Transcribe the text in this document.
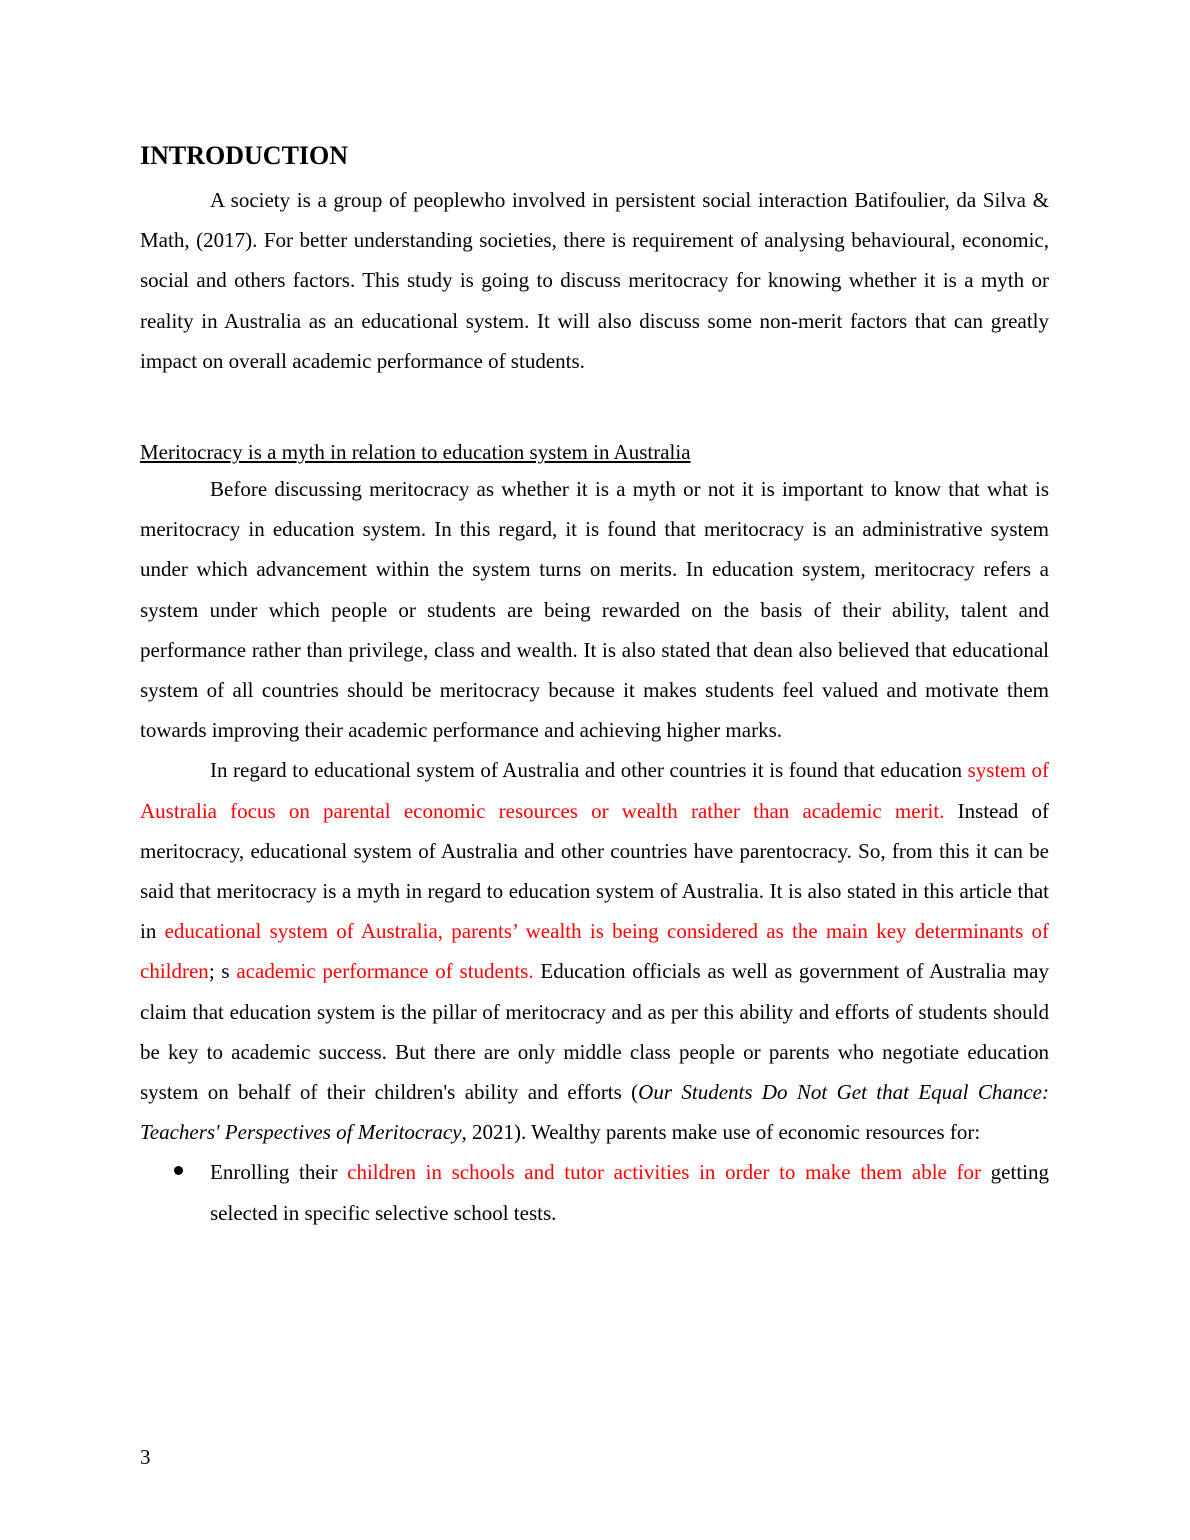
INTRODUCTION

A society is a group of peoplewho involved in persistent social interaction Batifoulier, da Silva & Math, (2017). For better understanding societies, there is requirement of analysing behavioural, economic, social and others factors. This study is going to discuss meritocracy for knowing whether it is a myth or reality in Australia as an educational system. It will also discuss some non-merit factors that can greatly impact on overall academic performance of students.

Meritocracy is a myth in relation to education system in Australia

Before discussing meritocracy as whether it is a myth or not it is important to know that what is meritocracy in education system. In this regard, it is found that meritocracy is an administrative system under which advancement within the system turns on merits. In education system, meritocracy refers a system under which people or students are being rewarded on the basis of their ability, talent and performance rather than privilege, class and wealth. It is also stated that dean also believed that educational system of all countries should be meritocracy because it makes students feel valued and motivate them towards improving their academic performance and achieving higher marks.

In regard to educational system of Australia and other countries it is found that education system of Australia focus on parental economic resources or wealth rather than academic merit. Instead of meritocracy, educational system of Australia and other countries have parentocracy. So, from this it can be said that meritocracy is a myth in regard to education system of Australia. It is also stated in this article that in educational system of Australia, parents’ wealth is being considered as the main key determinants of children; s academic performance of students. Education officials as well as government of Australia may claim that education system is the pillar of meritocracy and as per this ability and efforts of students should be key to academic success. But there are only middle class people or parents who negotiate education system on behalf of their children's ability and efforts (Our Students Do Not Get that Equal Chance: Teachers' Perspectives of Meritocracy, 2021). Wealthy parents make use of economic resources for:

Enrolling their children in schools and tutor activities in order to make them able for getting selected in specific selective school tests.
3
